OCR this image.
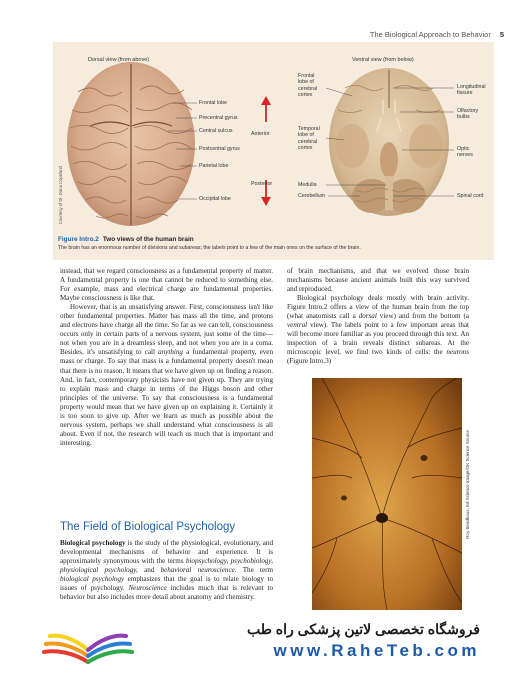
The Biological Approach to Behavior 5
Dorsal view (from above)	Ventral view (from below)
Frontal lobe
Precentral gyrus
Central sulcus
Postcentral gyrus
Parietal lobe
Occipital lobe
Anterior
Posterior
Courtesy of Dr. Dana Copeland
Frontal
lobe of
cerebral
cortex
Temporal
lobe of
cerebral
cortex
Medulla
Cerebellum
Longitudinal
fissure
Olfactory
bulbs
Optic
nerves
Spinal cord
Figure Intro.2 Two views of the human brain
The brain has an enormous number of divisions and subareas; the labels point to a few of the main ones on the surface of the brain.

instead, that we regard consciousness as a fundamental property of matter. A fundamental property is one that cannot be reduced to something else. For example, mass and electrical charge are fundamental properties. Maybe consciousness is like that.

However, that is an unsatisfying answer. First, consciousness isn't like other fundamental properties. Matter has mass all the time, and protons and electrons have charge all the time. So far as we can tell, consciousness occurs only in certain parts of a nervous system, just some of the time—not when you are in a dreamless sleep, and not when you are in a coma. Besides, it's unsatisfying to call anything a fundamental property, even mass or charge. To say that mass is a fundamental property doesn't mean that there is no reason. It means that we have given up on finding a reason. And, in fact, contemporary physicists have not given up. They are trying to explain mass and charge in terms of the Higgs boson and other principles of the universe. To say that consciousness is a fundamental property would mean that we have given up on explaining it. Certainly it is too soon to give up. After we learn as much as possible about the nervous system, perhaps we shall understand what consciousness is all about. Even if not, the research will teach us much that is important and interesting.

The Field of Biological Psychology

Biological psychology is the study of the physiological, evolutionary, and developmental mechanisms of behavior and experience. It is approximately synonymous with the terms biopsychology, psychobiology, physiological psychology, and behavioral neuroscience. The term biological psychology emphasizes that the goal is to relate biology to issues of psychology. Neuroscience includes much that is relevant to behavior but also includes more detail about anatomy and chemistry.

of brain mechanisms, and that we evolved those brain mechanisms because ancient animals built this way survived and reproduced.

Biological psychology deals mostly with brain activity. Figure Intro.2 offers a view of the human brain from the top (what anatomists call a dorsal view) and from the bottom (a ventral view). The labels point to a few important areas that will become more familiar as you proceed through this text. An inspection of a brain reveals distinct subareas. At the microscopic level, we find two kinds of cells: the neurons (Figure Intro.3)

Roy Beadkaus, Ed Science Image/OK Science Source
فروشگاه تخصصی لاتین پزشکی راه طب
www.RaheTeb.com
